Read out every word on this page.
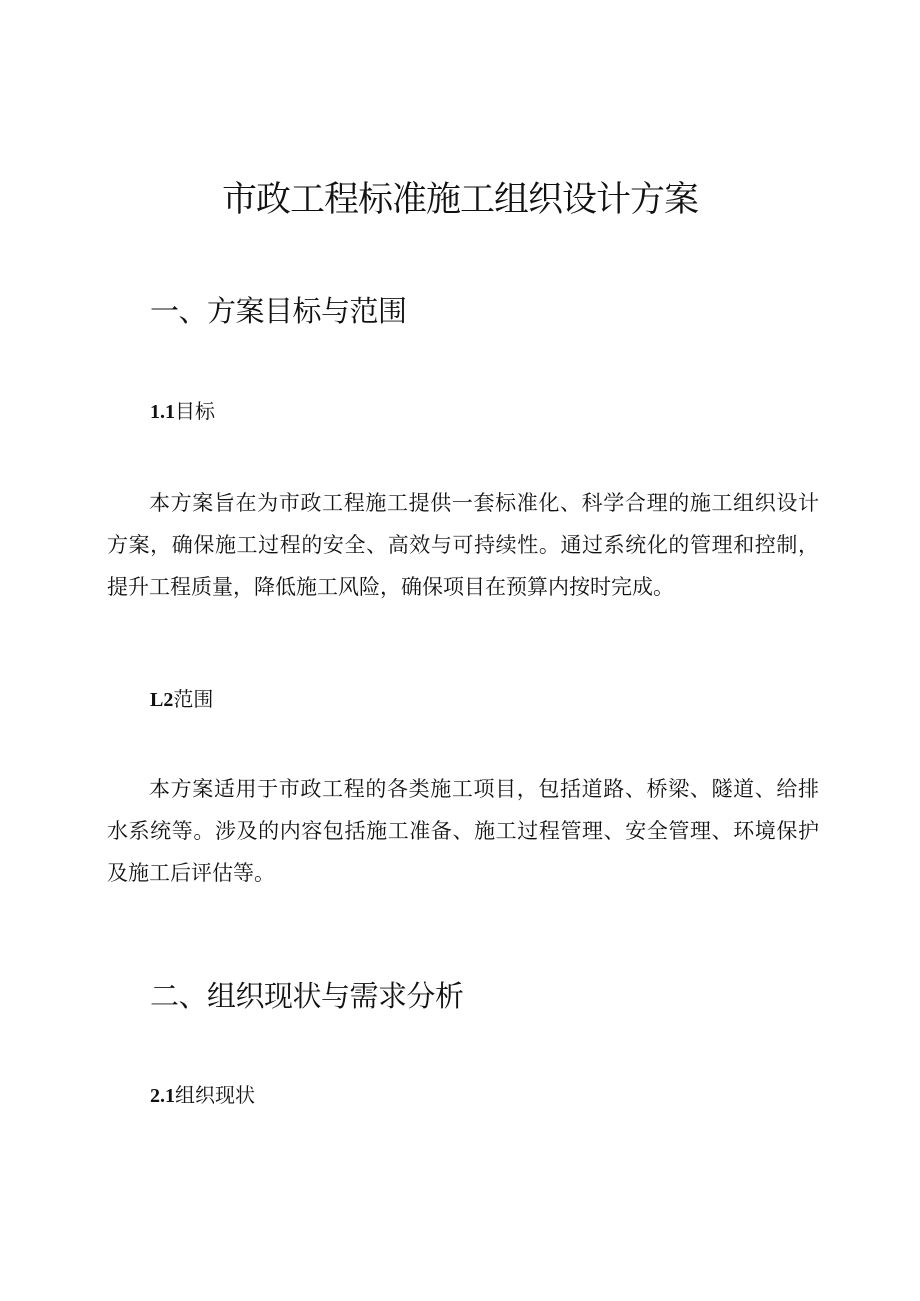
市政工程标准施工组织设计方案
一、方案目标与范围
1.1目标

本方案旨在为市政工程施工提供一套标准化、科学合理的施工组织设计方案，确保施工过程的安全、高效与可持续性。通过系统化的管理和控制，提升工程质量，降低施工风险，确保项目在预算内按时完成。

L2范围

本方案适用于市政工程的各类施工项目，包括道路、桥梁、隧道、给排水系统等。涉及的内容包括施工准备、施工过程管理、安全管理、环境保护及施工后评估等。

二、组织现状与需求分析
2.1组织现状
